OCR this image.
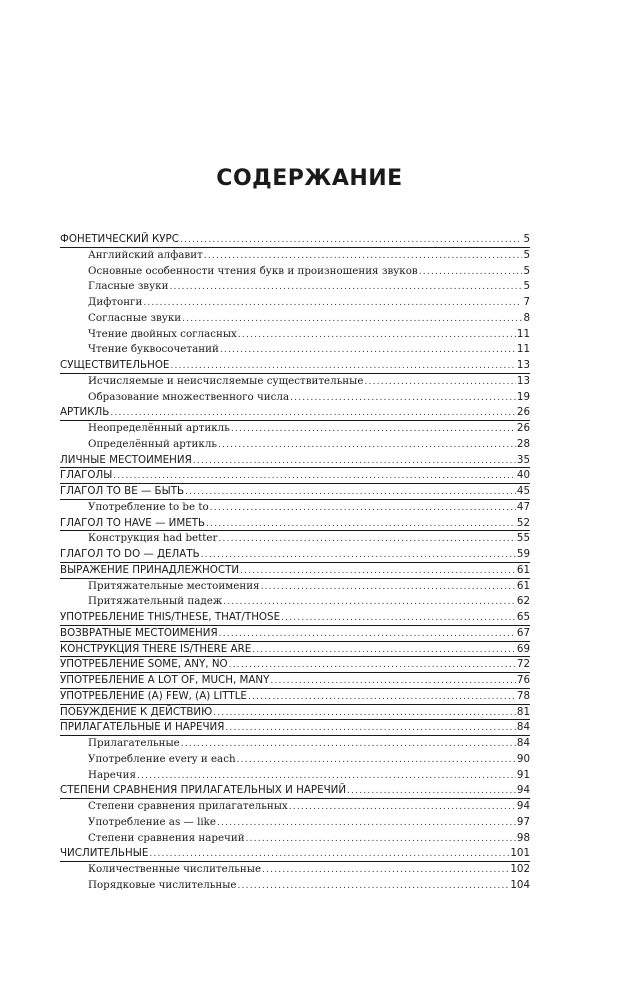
СОДЕРЖАНИЕ
ФОНЕТИЧЕСКИЙ КУРС .....	5
Английский алфавит .....	5
Основные особенности чтения букв и произношения звуков .....	5
Гласные звуки .....	5
Дифтонги .....	7
Согласные звуки .....	8
Чтение двойных согласных .....	11
Чтение буквосочетаний .....	11
СУЩЕСТВИТЕЛЬНОЕ .....	13
Исчисляемые и неисчисляемые существительные .....	13
Образование множественного числа .....	19
АРТИКЛЬ .....	26
Неопределённый артикль .....	26
Определённый артикль .....	28
ЛИЧНЫЕ МЕСТОИМЕНИЯ .....	35
ГЛАГОЛЫ .....	40
ГЛАГОЛ TO BE — БЫТЬ .....	45
Употребление to be to .....	47
ГЛАГОЛ TO HAVE — ИМЕТЬ .....	52
Конструкция had better .....	55
ГЛАГОЛ TO DO — ДЕЛАТЬ .....	59
ВЫРАЖЕНИЕ ПРИНАДЛЕЖНОСТИ .....	61
Притяжательные местоимения .....	61
Притяжательный падеж .....	62
УПОТРЕБЛЕНИЕ THIS/THESE, THAT/THOSE .....	65
ВОЗВРАТНЫЕ МЕСТОИМЕНИЯ .....	67
КОНСТРУКЦИЯ THERE IS/THERE ARE .....	69
УПОТРЕБЛЕНИЕ SOME, ANY, NO .....	72
УПОТРЕБЛЕНИЕ A LOT OF, MUCH, MANY .....	76
УПОТРЕБЛЕНИЕ (A) FEW, (A) LITTLE .....	78
ПОБУЖДЕНИЕ К ДЕЙСТВИЮ .....	81
ПРИЛАГАТЕЛЬНЫЕ И НАРЕЧИЯ .....	84
Прилагательные .....	84
Употребление every и each .....	90
Наречия .....	91
СТЕПЕНИ СРАВНЕНИЯ ПРИЛАГАТЕЛЬНЫХ И НАРЕЧИЙ .....	94
Степени сравнения прилагательных .....	94
Употребление as — like .....	97
Степени сравнения наречий .....	98
ЧИСЛИТЕЛЬНЫЕ .....	101
Количественные числительные .....	102
Порядковые числительные .....	104
